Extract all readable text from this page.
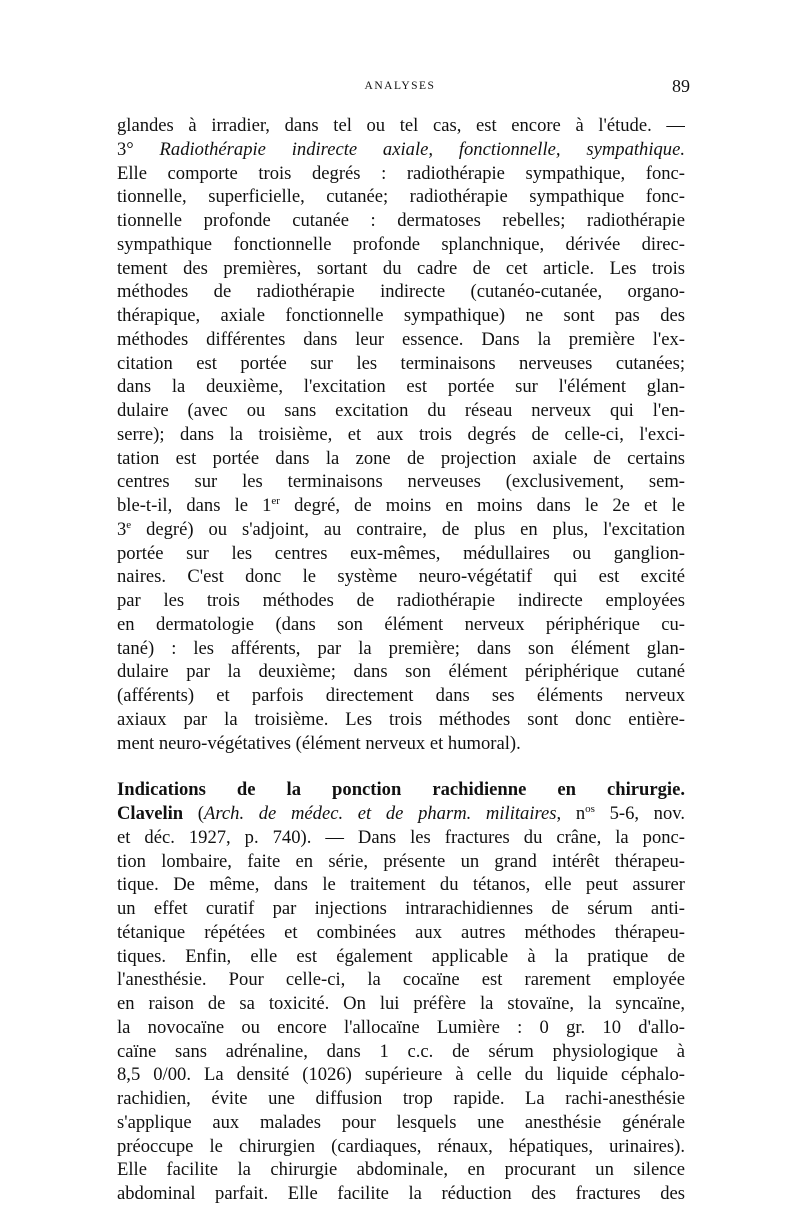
ANALYSES	89
glandes à irradier, dans tel ou tel cas, est encore à l'étude. —
3° Radiothérapie indirecte axiale, fonctionnelle, sympathique.
Elle comporte trois degrés : radiothérapie sympathique, fonc-
tionnelle, superficielle, cutanée; radiothérapie sympathique fonc-
tionnelle profonde cutanée : dermatoses rebelles; radiothérapie
sympathique fonctionnelle profonde splanchnique, dérivée direc-
tement des premières, sortant du cadre de cet article. Les trois
méthodes de radiothérapie indirecte (cutanéo-cutanée, organo-
thérapique, axiale fonctionnelle sympathique) ne sont pas des
méthodes différentes dans leur essence. Dans la première l'ex-
citation est portée sur les terminaisons nerveuses cutanées;
dans la deuxième, l'excitation est portée sur l'élément glan-
dulaire (avec ou sans excitation du réseau nerveux qui l'en-
serre); dans la troisième, et aux trois degrés de celle-ci, l'exci-
tation est portée dans la zone de projection axiale de certains
centres sur les terminaisons nerveuses (exclusivement, sem-
ble-t-il, dans le 1er degré, de moins en moins dans le 2e et le
3e degré) ou s'adjoint, au contraire, de plus en plus, l'excitation
portée sur les centres eux-mêmes, médullaires ou ganglion-
naires. C'est donc le système neuro-végétatif qui est excité
par les trois méthodes de radiothérapie indirecte employées
en dermatologie (dans son élément nerveux périphérique cu-
tané) : les afférents, par la première; dans son élément glan-
dulaire par la deuxième; dans son élément périphérique cutané
(afférents) et parfois directement dans ses éléments nerveux
axiaux par la troisième. Les trois méthodes sont donc entière-
ment neuro-végétatives (élément nerveux et humoral).
Indications de la ponction rachidienne en chirurgie.
Clavelin (Arch. de médec. et de pharm. militaires, $n^{os}$ 5-6, nov.
et déc. 1927, p. 740). — Dans les fractures du crâne, la ponc-
tion lombaire, faite en série, présente un grand intérêt thérapeu-
tique. De même, dans le traitement du tétanos, elle peut assurer
un effet curatif par injections intrarachidiennes de sérum anti-
tétanique répétées et combinées aux autres méthodes thérapeu-
tiques. Enfin, elle est également applicable à la pratique de
l'anesthésie. Pour celle-ci, la cocaïne est rarement employée
en raison de sa toxicité. On lui préfère la stovaïne, la syncaïne,
la novocaïne ou encore l'allocaïne Lumière : 0 gr. 10 d'allo-
caïne sans adrénaline, dans 1 c.c. de sérum physiologique à
8,5 0/00. La densité (1026) supérieure à celle du liquide céphalo-
rachidien, évite une diffusion trop rapide. La rachi-anesthésie
s'applique aux malades pour lesquels une anesthésie générale
préoccupe le chirurgien (cardiaques, rénaux, hépatiques, urinaires).
Elle facilite la chirurgie abdominale, en procurant un silence
abdominal parfait. Elle facilite la réduction des fractures des
